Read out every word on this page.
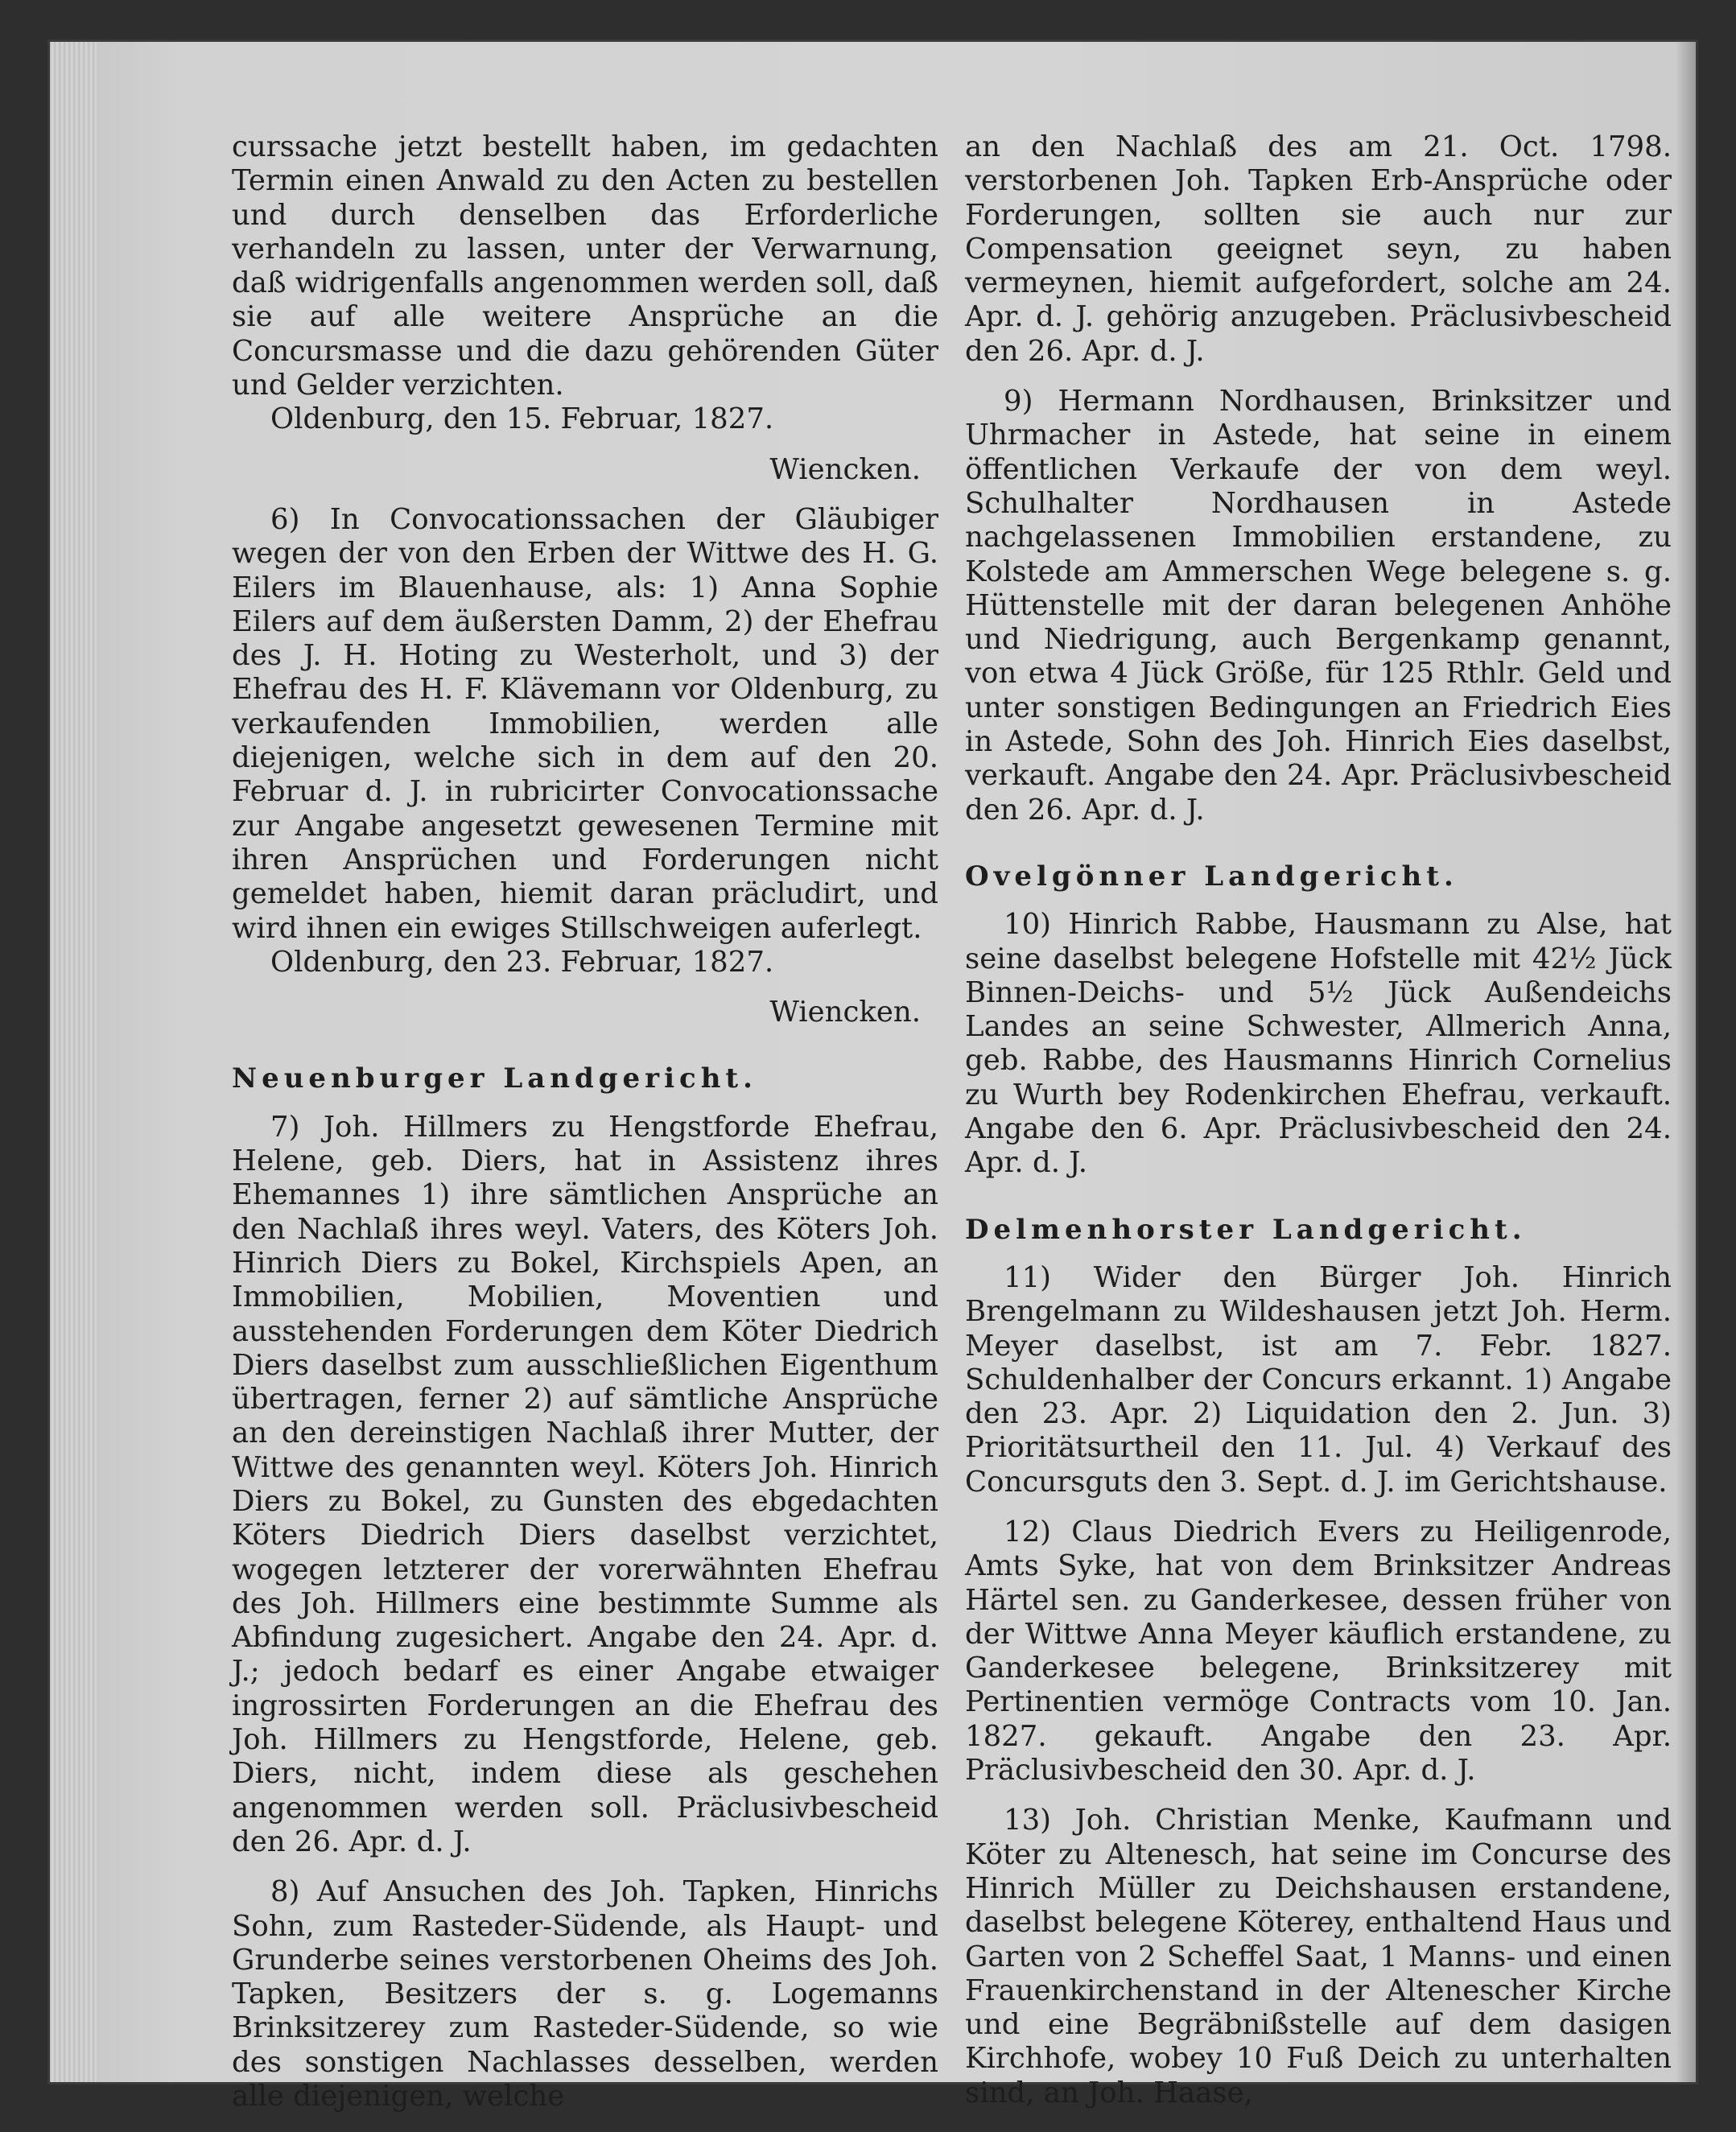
curssache jetzt bestellt haben, im gedachten Termin einen Anwald zu den Acten zu bestellen und durch denselben das Erforderliche verhandeln zu lassen, unter der Verwarnung, daß widrigenfalls angenommen werden soll, daß sie auf alle weitere Ansprüche an die Concursmasse und die dazu gehörenden Güter und Gelder verzichten.

Oldenburg, den 15. Februar, 1827.

Wiencken.

6) In Convocationssachen der Gläubiger wegen der von den Erben der Wittwe des H. G. Eilers im Blauenhause, als: 1) Anna Sophie Eilers auf dem äußersten Damm, 2) der Ehefrau des J. H. Hoting zu Westerholt, und 3) der Ehefrau des H. F. Klävemann vor Oldenburg, zu verkaufenden Immobilien, werden alle diejenigen, welche sich in dem auf den 20. Februar d. J. in rubricirter Convocationssache zur Angabe angesetzt gewesenen Termine mit ihren Ansprüchen und Forderungen nicht gemeldet haben, hiemit daran präcludirt, und wird ihnen ein ewiges Stillschweigen auferlegt.

Oldenburg, den 23. Februar, 1827.

Wiencken.

Neuenburger Landgericht.

7) Joh. Hillmers zu Hengstforde Ehefrau, Helene, geb. Diers, hat in Assistenz ihres Ehemannes 1) ihre sämtlichen Ansprüche an den Nachlaß ihres weyl. Vaters, des Köters Joh. Hinrich Diers zu Bokel, Kirchspiels Apen, an Immobilien, Mobilien, Moventien und ausstehenden Forderungen dem Köter Diedrich Diers daselbst zum ausschließlichen Eigenthum übertragen, ferner 2) auf sämtliche Ansprüche an den dereinstigen Nachlaß ihrer Mutter, der Wittwe des genannten weyl. Köters Joh. Hinrich Diers zu Bokel, zu Gunsten des ebgedachten Köters Diedrich Diers daselbst verzichtet, wogegen letzterer der vorerwähnten Ehefrau des Joh. Hillmers eine bestimmte Summe als Abfindung zugesichert. Angabe den 24. Apr. d. J.; jedoch bedarf es einer Angabe etwaiger ingrossirten Forderungen an die Ehefrau des Joh. Hillmers zu Hengstforde, Helene, geb. Diers, nicht, indem diese als geschehen angenommen werden soll. Präclusivbescheid den 26. Apr. d. J.

8) Auf Ansuchen des Joh. Tapken, Hinrichs Sohn, zum Rasteder-Südende, als Haupt- und Grunderbe seines verstorbenen Oheims des Joh. Tapken, Besitzers der s. g. Logemanns Brinksitzerey zum Rasteder-Südende, so wie des sonstigen Nachlasses desselben, werden alle diejenigen, welche

an den Nachlaß des am 21. Oct. 1798. verstorbenen Joh. Tapken Erb-Ansprüche oder Forderungen, sollten sie auch nur zur Compensation geeignet seyn, zu haben vermeynen, hiemit aufgefordert, solche am 24. Apr. d. J. gehörig anzugeben. Präclusivbescheid den 26. Apr. d. J.

9) Hermann Nordhausen, Brinksitzer und Uhrmacher in Astede, hat seine in einem öffentlichen Verkaufe der von dem weyl. Schulhalter Nordhausen in Astede nachgelassenen Immobilien erstandene, zu Kolstede am Ammerschen Wege belegene s. g. Hüttenstelle mit der daran belegenen Anhöhe und Niedrigung, auch Bergenkamp genannt, von etwa 4 Jück Größe, für 125 Rthlr. Geld und unter sonstigen Bedingungen an Friedrich Eies in Astede, Sohn des Joh. Hinrich Eies daselbst, verkauft. Angabe den 24. Apr. Präclusivbescheid den 26. Apr. d. J.

Ovelgönner Landgericht.

10) Hinrich Rabbe, Hausmann zu Alse, hat seine daselbst belegene Hofstelle mit 42½ Jück Binnen-Deichs- und 5½ Jück Außendeichs Landes an seine Schwester, Allmerich Anna, geb. Rabbe, des Hausmanns Hinrich Cornelius zu Wurth bey Rodenkirchen Ehefrau, verkauft. Angabe den 6. Apr. Präclusivbescheid den 24. Apr. d. J.

Delmenhorster Landgericht.

11) Wider den Bürger Joh. Hinrich Brengelmann zu Wildeshausen jetzt Joh. Herm. Meyer daselbst, ist am 7. Febr. 1827. Schuldenhalber der Concurs erkannt. 1) Angabe den 23. Apr. 2) Liquidation den 2. Jun. 3) Prioritätsurtheil den 11. Jul. 4) Verkauf des Concursguts den 3. Sept. d. J. im Gerichtshause.

12) Claus Diedrich Evers zu Heiligenrode, Amts Syke, hat von dem Brinksitzer Andreas Härtel sen. zu Ganderkesee, dessen früher von der Wittwe Anna Meyer käuflich erstandene, zu Ganderkesee belegene, Brinksitzerey mit Pertinentien vermöge Contracts vom 10. Jan. 1827. gekauft. Angabe den 23. Apr. Präclusivbescheid den 30. Apr. d. J.

13) Joh. Christian Menke, Kaufmann und Köter zu Altenesch, hat seine im Concurse des Hinrich Müller zu Deichshausen erstandene, daselbst belegene Köterey, enthaltend Haus und Garten von 2 Scheffel Saat, 1 Manns- und einen Frauenkirchenstand in der Altenescher Kirche und eine Begräbnißstelle auf dem dasigen Kirchhofe, wobey 10 Fuß Deich zu unterhalten sind, an Joh. Haase,
